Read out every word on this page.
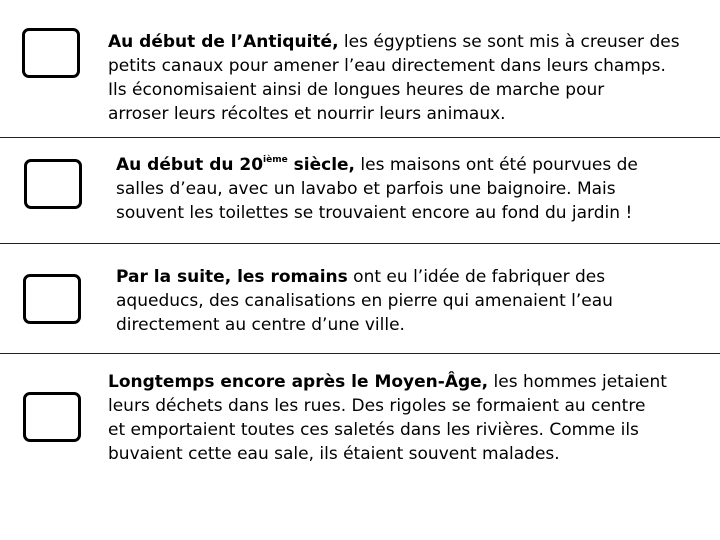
Au début de l’Antiquité, les égyptiens se sont mis à creuser des
petits canaux pour amener l’eau directement dans leurs champs.
Ils économisaient ainsi de longues heures de marche pour
arroser leurs récoltes et nourrir leurs animaux.
Au début du 20ième siècle, les maisons ont été pourvues de
salles d’eau, avec un lavabo et parfois une baignoire. Mais
souvent les toilettes se trouvaient encore au fond du jardin !
Par la suite, les romains ont eu l’idée de fabriquer des
aqueducs, des canalisations en pierre qui amenaient l’eau
directement au centre d’une ville.
Longtemps encore après le Moyen-Âge, les hommes jetaient
leurs déchets dans les rues. Des rigoles se formaient au centre
et emportaient toutes ces saletés dans les rivières. Comme ils
buvaient cette eau sale, ils étaient souvent malades.
